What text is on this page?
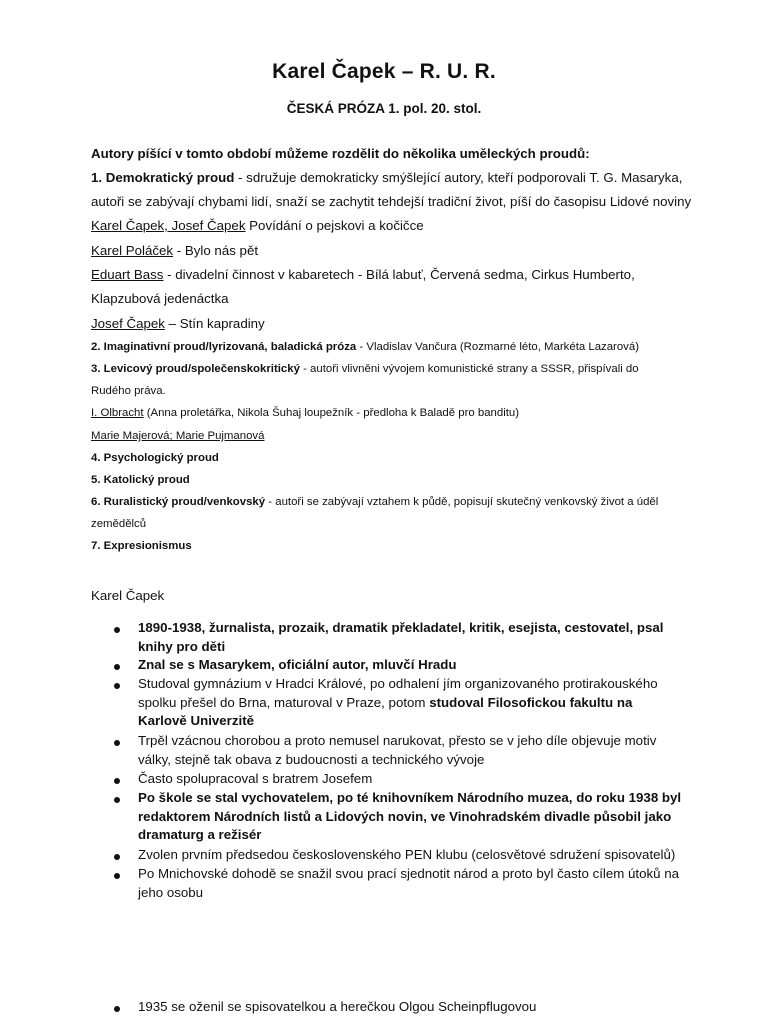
Karel Čapek – R. U. R.
ČESKÁ PRÓZA 1. pol. 20. stol.
Autory píšící v tomto období můžeme rozdělit do několika uměleckých proudů:
1. Demokratický proud - sdružuje demokraticky smýšlející autory, kteří podporovali T. G. Masaryka,
autoři se zabývají chybami lidí, snaží se zachytit tehdejší tradiční život, píší do časopisu Lidové noviny
Karel Čapek, Josef Čapek Povídání o pejskovi a kočičce
Karel Poláček - Bylo nás pět
Eduart Bass - divadelní činnost v kabaretech - Bílá labuť, Červená sedma, Cirkus Humberto,
Klapzubová jedenáctka
Josef Čapek – Stín kapradiny
2. Imaginativní proud/lyrizovaná, baladická próza - Vladislav Vančura (Rozmarné léto, Markéta Lazarová)
3. Levicový proud/společenskokritický - autoři vlivněni vývojem komunistické strany a SSSR, přispívali do
Rudého práva.
I. Olbracht (Anna proletářka, Nikola Šuhaj loupežník - předloha k Baladě pro banditu)
Marie Majerová; Marie Pujmanová
4. Psychologický proud
5. Katolický proud
6. Ruralistický proud/venkovský - autoři se zabývají vztahem k půdě, popisují skutečný venkovský život a úděl
zemědělců
7. Expresionismus
Karel Čapek
1890-1938, žurnalista, prozaik, dramatik překladatel, kritik, esejista, cestovatel, psal knihy pro děti
Znal se s Masarykem, oficiální autor, mluvčí Hradu
Studoval gymnázium v Hradci Králové, po odhalení jím organizovaného protirakouského spolku přešel do Brna, maturoval v Praze, potom studoval Filosofickou fakultu na Karlově Univerzitě
Trpěl vzácnou chorobou a proto nemusel narukovat, přesto se v jeho díle objevuje motiv války, stejně tak obava z budoucnosti a technického vývoje
Často spolupracoval s bratrem Josefem
Po škole se stal vychovatelem, po té knihovníkem Národního muzea, do roku 1938 byl redaktorem Národních listů a Lidových novin, ve Vinohradském divadle působil jako dramaturg a režisér
Zvolen prvním předsedou československého PEN klubu (celosvětové sdružení spisovatelů)
Po Mnichovské dohodě se snažil svou prací sjednotit národ a proto byl často cílem útoků na jeho osobu
1935 se oženil se spisovatelkou a herečkou Olgou Scheinpflugovou
